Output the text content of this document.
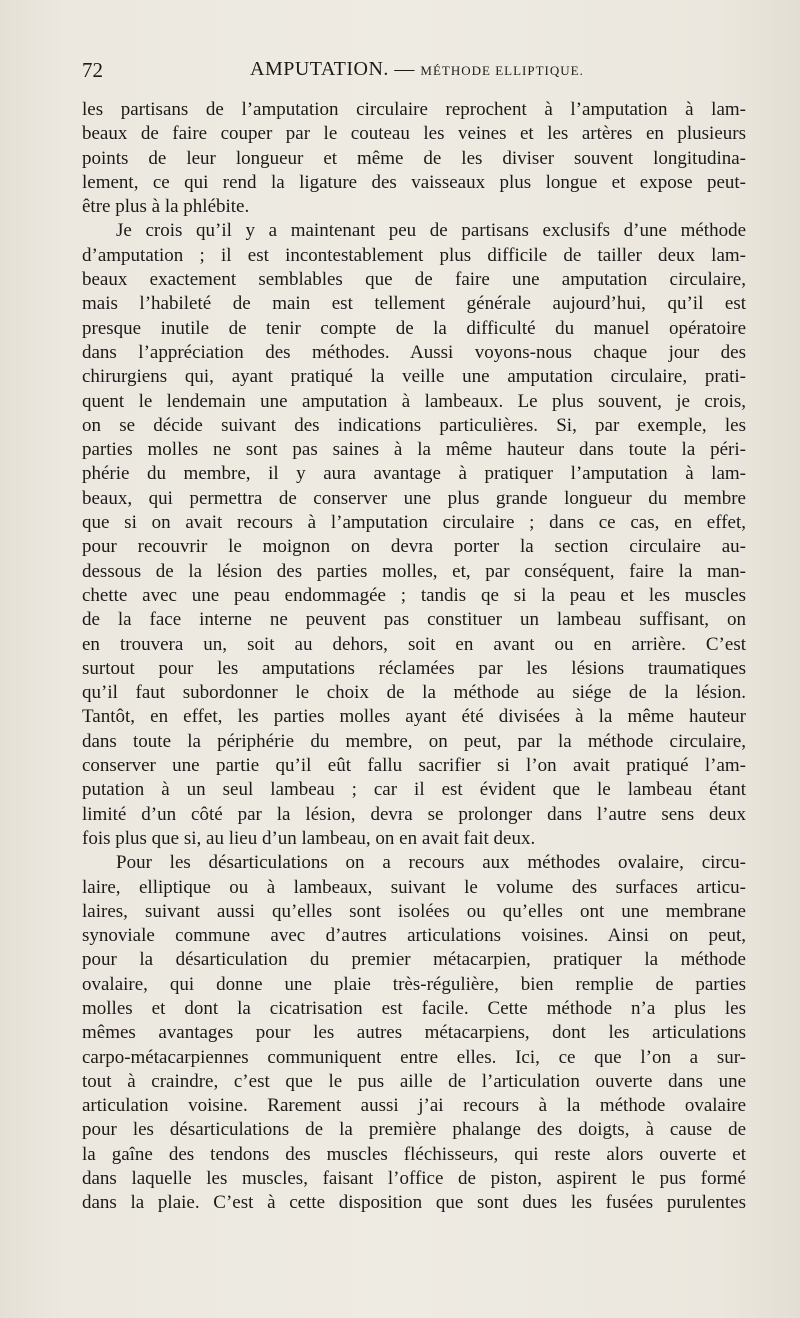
72	AMPUTATION. — MÉTHODE ELLIPTIQUE.
les partisans de l’amputation circulaire reprochent à l’amputation à lam-
beaux de faire couper par le couteau les veines et les artères en plusieurs
points de leur longueur et même de les diviser souvent longitudina-
lement, ce qui rend la ligature des vaisseaux plus longue et expose peut-
être plus à la phlébite.
Je crois qu’il y a maintenant peu de partisans exclusifs d’une méthode
d’amputation ; il est incontestablement plus difficile de tailler deux lam-
beaux exactement semblables que de faire une amputation circulaire,
mais l’habileté de main est tellement générale aujourd’hui, qu’il est
presque inutile de tenir compte de la difficulté du manuel opératoire
dans l’appréciation des méthodes. Aussi voyons-nous chaque jour des
chirurgiens qui, ayant pratiqué la veille une amputation circulaire, prati-
quent le lendemain une amputation à lambeaux. Le plus souvent, je crois,
on se décide suivant des indications particulières. Si, par exemple, les
parties molles ne sont pas saines à la même hauteur dans toute la péri-
phérie du membre, il y aura avantage à pratiquer l’amputation à lam-
beaux, qui permettra de conserver une plus grande longueur du membre
que si on avait recours à l’amputation circulaire ; dans ce cas, en effet,
pour recouvrir le moignon on devra porter la section circulaire au-
dessous de la lésion des parties molles, et, par conséquent, faire la man-
chette avec une peau endommagée ; tandis qe si la peau et les muscles
de la face interne ne peuvent pas constituer un lambeau suffisant, on
en trouvera un, soit au dehors, soit en avant ou en arrière. C’est
surtout pour les amputations réclamées par les lésions traumatiques
qu’il faut subordonner le choix de la méthode au siége de la lésion.
Tantôt, en effet, les parties molles ayant été divisées à la même hauteur
dans toute la périphérie du membre, on peut, par la méthode circulaire,
conserver une partie qu’il eût fallu sacrifier si l’on avait pratiqué l’am-
putation à un seul lambeau ; car il est évident que le lambeau étant
limité d’un côté par la lésion, devra se prolonger dans l’autre sens deux
fois plus que si, au lieu d’un lambeau, on en avait fait deux.
Pour les désarticulations on a recours aux méthodes ovalaire, circu-
laire, elliptique ou à lambeaux, suivant le volume des surfaces articu-
laires, suivant aussi qu’elles sont isolées ou qu’elles ont une membrane
synoviale commune avec d’autres articulations voisines. Ainsi on peut,
pour la désarticulation du premier métacarpien, pratiquer la méthode
ovalaire, qui donne une plaie très-régulière, bien remplie de parties
molles et dont la cicatrisation est facile. Cette méthode n’a plus les
mêmes avantages pour les autres métacarpiens, dont les articulations
carpo-métacarpiennes communiquent entre elles. Ici, ce que l’on a sur-
tout à craindre, c’est que le pus aille de l’articulation ouverte dans une
articulation voisine. Rarement aussi j’ai recours à la méthode ovalaire
pour les désarticulations de la première phalange des doigts, à cause de
la gaîne des tendons des muscles fléchisseurs, qui reste alors ouverte et
dans laquelle les muscles, faisant l’office de piston, aspirent le pus formé
dans la plaie. C’est à cette disposition que sont dues les fusées purulentes
